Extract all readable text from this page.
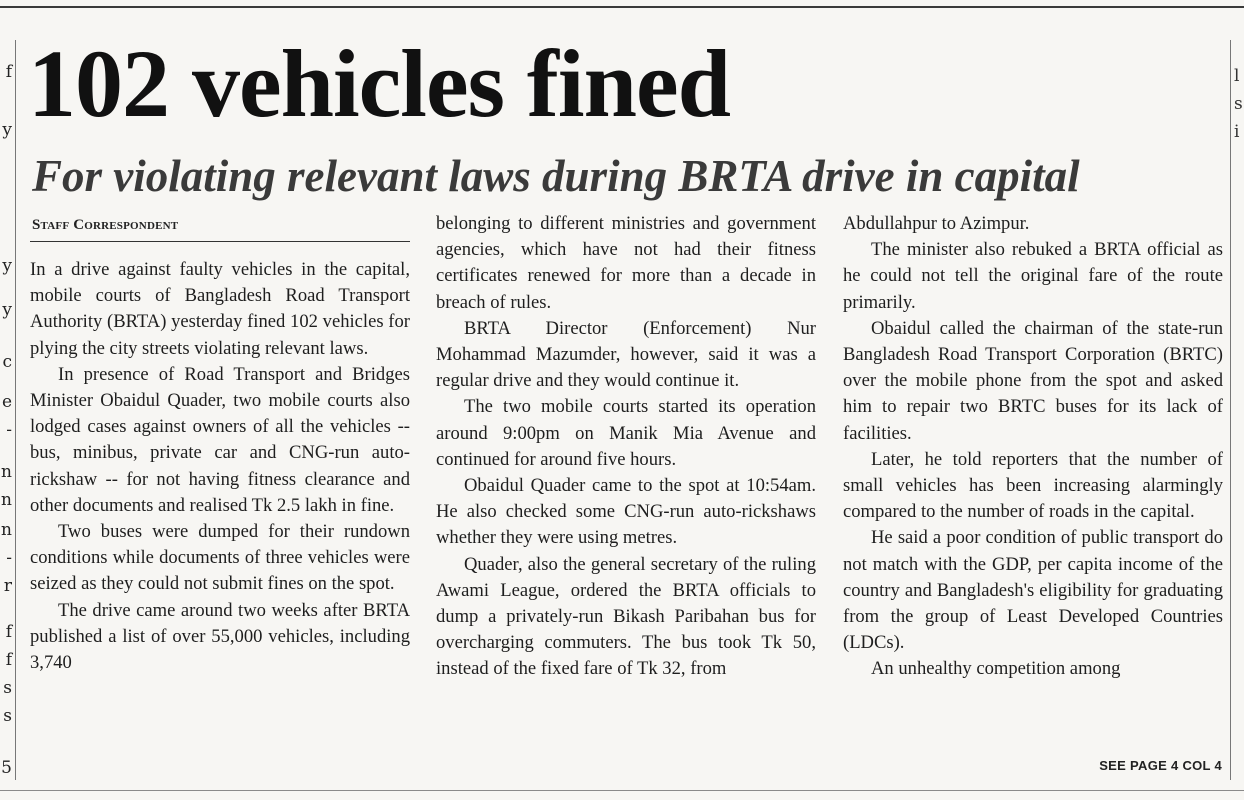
f
y
y
y
c
e
-
n
n
n
-
r
f
f
s
s
5
l
s
i
102 vehicles fined
For violating relevant laws during BRTA drive in capital
Staff Correspondent

In a drive against faulty vehicles in the capital, mobile courts of Bangladesh Road Transport Authority (BRTA) yesterday fined 102 vehicles for plying the city streets violating relevant laws.

In presence of Road Transport and Bridges Minister Obaidul Quader, two mobile courts also lodged cases against owners of all the vehicles -- bus, minibus, private car and CNG-run auto-rickshaw -- for not having fitness clearance and other documents and realised Tk 2.5 lakh in fine.

Two buses were dumped for their rundown conditions while documents of three vehicles were seized as they could not submit fines on the spot.

The drive came around two weeks after BRTA published a list of over 55,000 vehicles, including 3,740

belonging to different ministries and government agencies, which have not had their fitness certificates renewed for more than a decade in breach of rules.

BRTA Director (Enforcement) Nur Mohammad Mazumder, however, said it was a regular drive and they would continue it.

The two mobile courts started its operation around 9:00pm on Manik Mia Avenue and continued for around five hours.

Obaidul Quader came to the spot at 10:54am. He also checked some CNG-run auto-rickshaws whether they were using metres.

Quader, also the general secretary of the ruling Awami League, ordered the BRTA officials to dump a privately-run Bikash Paribahan bus for overcharging commuters. The bus took Tk 50, instead of the fixed fare of Tk 32, from

Abdullahpur to Azimpur.

The minister also rebuked a BRTA official as he could not tell the original fare of the route primarily.

Obaidul called the chairman of the state-run Bangladesh Road Transport Corporation (BRTC) over the mobile phone from the spot and asked him to repair two BRTC buses for its lack of facilities.

Later, he told reporters that the number of small vehicles has been increasing alarmingly compared to the number of roads in the capital.

He said a poor condition of public transport do not match with the GDP, per capita income of the country and Bangladesh's eligibility for graduating from the group of Least Developed Countries (LDCs).

An unhealthy competition among

SEE PAGE 4 COL 4
